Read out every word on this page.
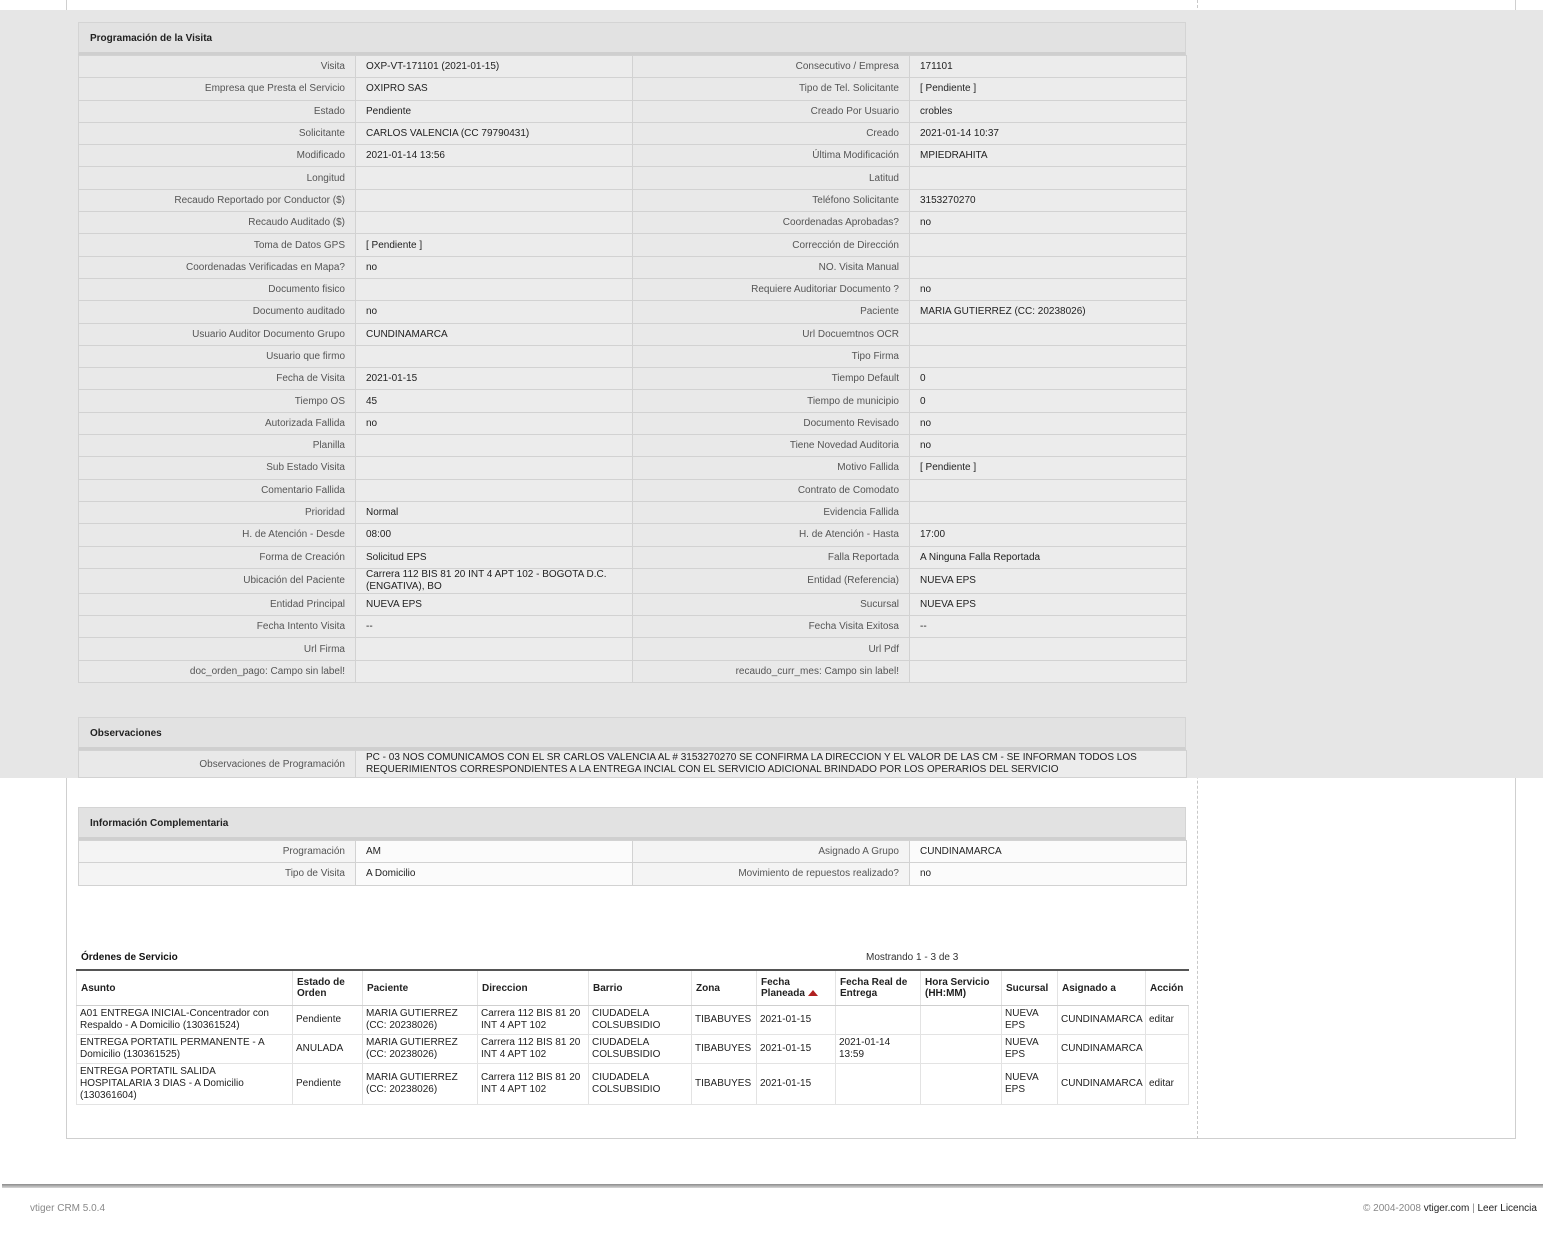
Programación de la Visita
Visita	OXP-VT-171101 (2021-01-15)	Consecutivo / Empresa	171101
Empresa que Presta el Servicio	OXIPRO SAS	Tipo de Tel. Solicitante	[ Pendiente ]
Estado	Pendiente	Creado Por Usuario	crobles
Solicitante	CARLOS VALENCIA (CC 79790431)	Creado	2021-01-14 10:37
Modificado	2021-01-14 13:56	Última Modificación	MPIEDRAHITA
Longitud		Latitud	
Recaudo Reportado por Conductor ($)		Teléfono Solicitante	3153270270
Recaudo Auditado ($)		Coordenadas Aprobadas?	no
Toma de Datos GPS	[ Pendiente ]	Corrección de Dirección	
Coordenadas Verificadas en Mapa?	no	NO. Visita Manual	
Documento fisico		Requiere Auditoriar Documento ?	no
Documento auditado	no	Paciente	MARIA GUTIERREZ (CC: 20238026)
Usuario Auditor Documento Grupo	CUNDINAMARCA	Url Docuemtnos OCR	
Usuario que firmo		Tipo Firma	
Fecha de Visita	2021-01-15	Tiempo Default	0
Tiempo OS	45	Tiempo de municipio	0
Autorizada Fallida	no	Documento Revisado	no
Planilla		Tiene Novedad Auditoria	no
Sub Estado Visita		Motivo Fallida	[ Pendiente ]
Comentario Fallida		Contrato de Comodato	
Prioridad	Normal	Evidencia Fallida	
H. de Atención - Desde	08:00	H. de Atención - Hasta	17:00
Forma de Creación	Solicitud EPS	Falla Reportada	A Ninguna Falla Reportada
Ubicación del Paciente	Carrera 112 BIS 81 20 INT 4 APT 102 - BOGOTA D.C. (ENGATIVA), BO	Entidad (Referencia)	NUEVA EPS
Entidad Principal	NUEVA EPS	Sucursal	NUEVA EPS
Fecha Intento Visita	--	Fecha Visita Exitosa	--
Url Firma		Url Pdf	
doc_orden_pago: Campo sin label!		recaudo_curr_mes: Campo sin label!	
Observaciones
Observaciones de Programación	PC - 03 NOS COMUNICAMOS CON EL SR CARLOS VALENCIA AL # 3153270270 SE CONFIRMA LA DIRECCION Y EL VALOR DE LAS CM - SE INFORMAN TODOS LOS REQUERIMIENTOS CORRESPONDIENTES A LA ENTREGA INCIAL CON EL SERVICIO ADICIONAL BRINDADO POR LOS OPERARIOS DEL SERVICIO
Información Complementaria
Programación	AM	Asignado A Grupo	CUNDINAMARCA
Tipo de Visita	A Domicilio	Movimiento de repuestos realizado?	no
Órdenes de Servicio	Mostrando 1 - 3 de 3
Asunto	Estado de Orden	Paciente	Direccion	Barrio	Zona	Fecha Planeada	Fecha Real de Entrega	Hora Servicio (HH:MM)	Sucursal	Asignado a	Acción
A01 ENTREGA INICIAL-Concentrador con Respaldo - A Domicilio (130361524)	Pendiente	MARIA GUTIERREZ (CC: 20238026)	Carrera 112 BIS 81 20 INT 4 APT 102	CIUDADELA COLSUBSIDIO	TIBABUYES	2021-01-15			NUEVA EPS	CUNDINAMARCA	editar
ENTREGA PORTATIL PERMANENTE - A Domicilio (130361525)	ANULADA	MARIA GUTIERREZ (CC: 20238026)	Carrera 112 BIS 81 20 INT 4 APT 102	CIUDADELA COLSUBSIDIO	TIBABUYES	2021-01-15	2021-01-14 13:59		NUEVA EPS	CUNDINAMARCA	
ENTREGA PORTATIL SALIDA HOSPITALARIA 3 DIAS - A Domicilio (130361604)	Pendiente	MARIA GUTIERREZ (CC: 20238026)	Carrera 112 BIS 81 20 INT 4 APT 102	CIUDADELA COLSUBSIDIO	TIBABUYES	2021-01-15			NUEVA EPS	CUNDINAMARCA	editar
vtiger CRM 5.0.4	© 2004-2008 vtiger.com | Leer Licencia
